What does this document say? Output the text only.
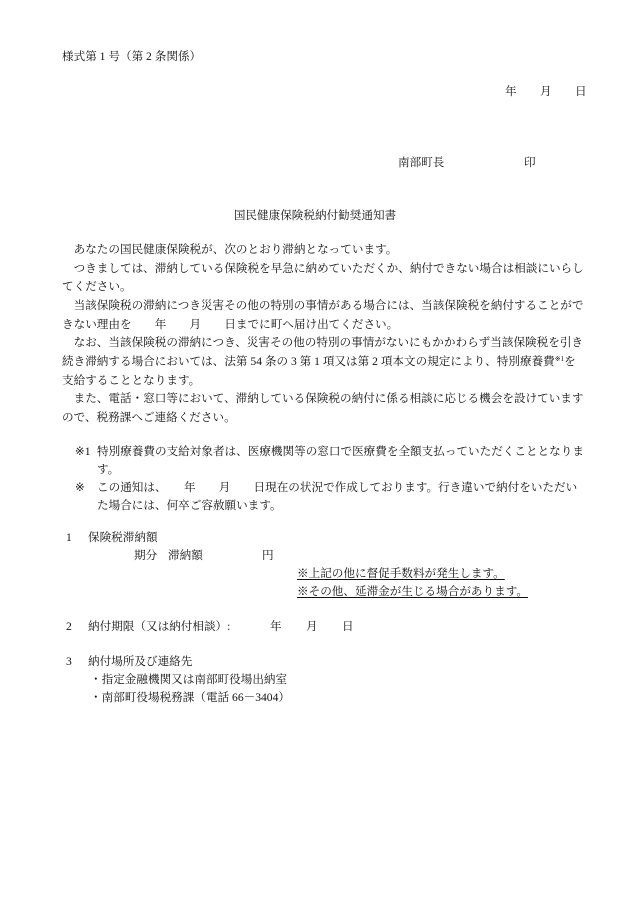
様式第 1 号（第 2 条関係）
年 月 日
南部町長	印
国民健康保険税納付勧奨通知書
　あなたの国民健康保険税が、次のとおり滞納となっています。
　つきましては、滞納している保険税を早急に納めていただくか、納付できない場合は相談にいらし
てください。
　当該保険税の滞納につき災害その他の特別の事情がある場合には、当該保険税を納付することがで
きない理由を　　年　　月　　日までに町へ届け出てください。
　なお、当該保険税の滞納につき、災害その他の特別の事情がないにもかかわらず当該保険税を引き
続き滞納する場合においては、法第 54 条の 3 第 1 項又は第 2 項本文の規定により、特別療養費$^{※1}$を
支給することとなります。
　また、電話・窓口等において、滞納している保険税の納付に係る相談に応じる機会を設けています
ので、税務課へご連絡ください。
※1 特別療養費の支給対象者は、医療機関等の窓口で医療費を全額支払っていただくこととなりま
す。
※ この通知は、　　年　　月　　日現在の状況で作成しております。行き違いで納付をいただい
た場合には、何卒ご容赦願います。
1 保険税滞納額
期分 滞納額	円
※上記の他に督促手数料が発生します。
※その他、延滞金が生じる場合があります。
2 納付期限（又は納付相談）:	年 月 日
3 納付場所及び連絡先
・指定金融機関又は南部町役場出納室
・南部町役場税務課（電話 66－3404）
